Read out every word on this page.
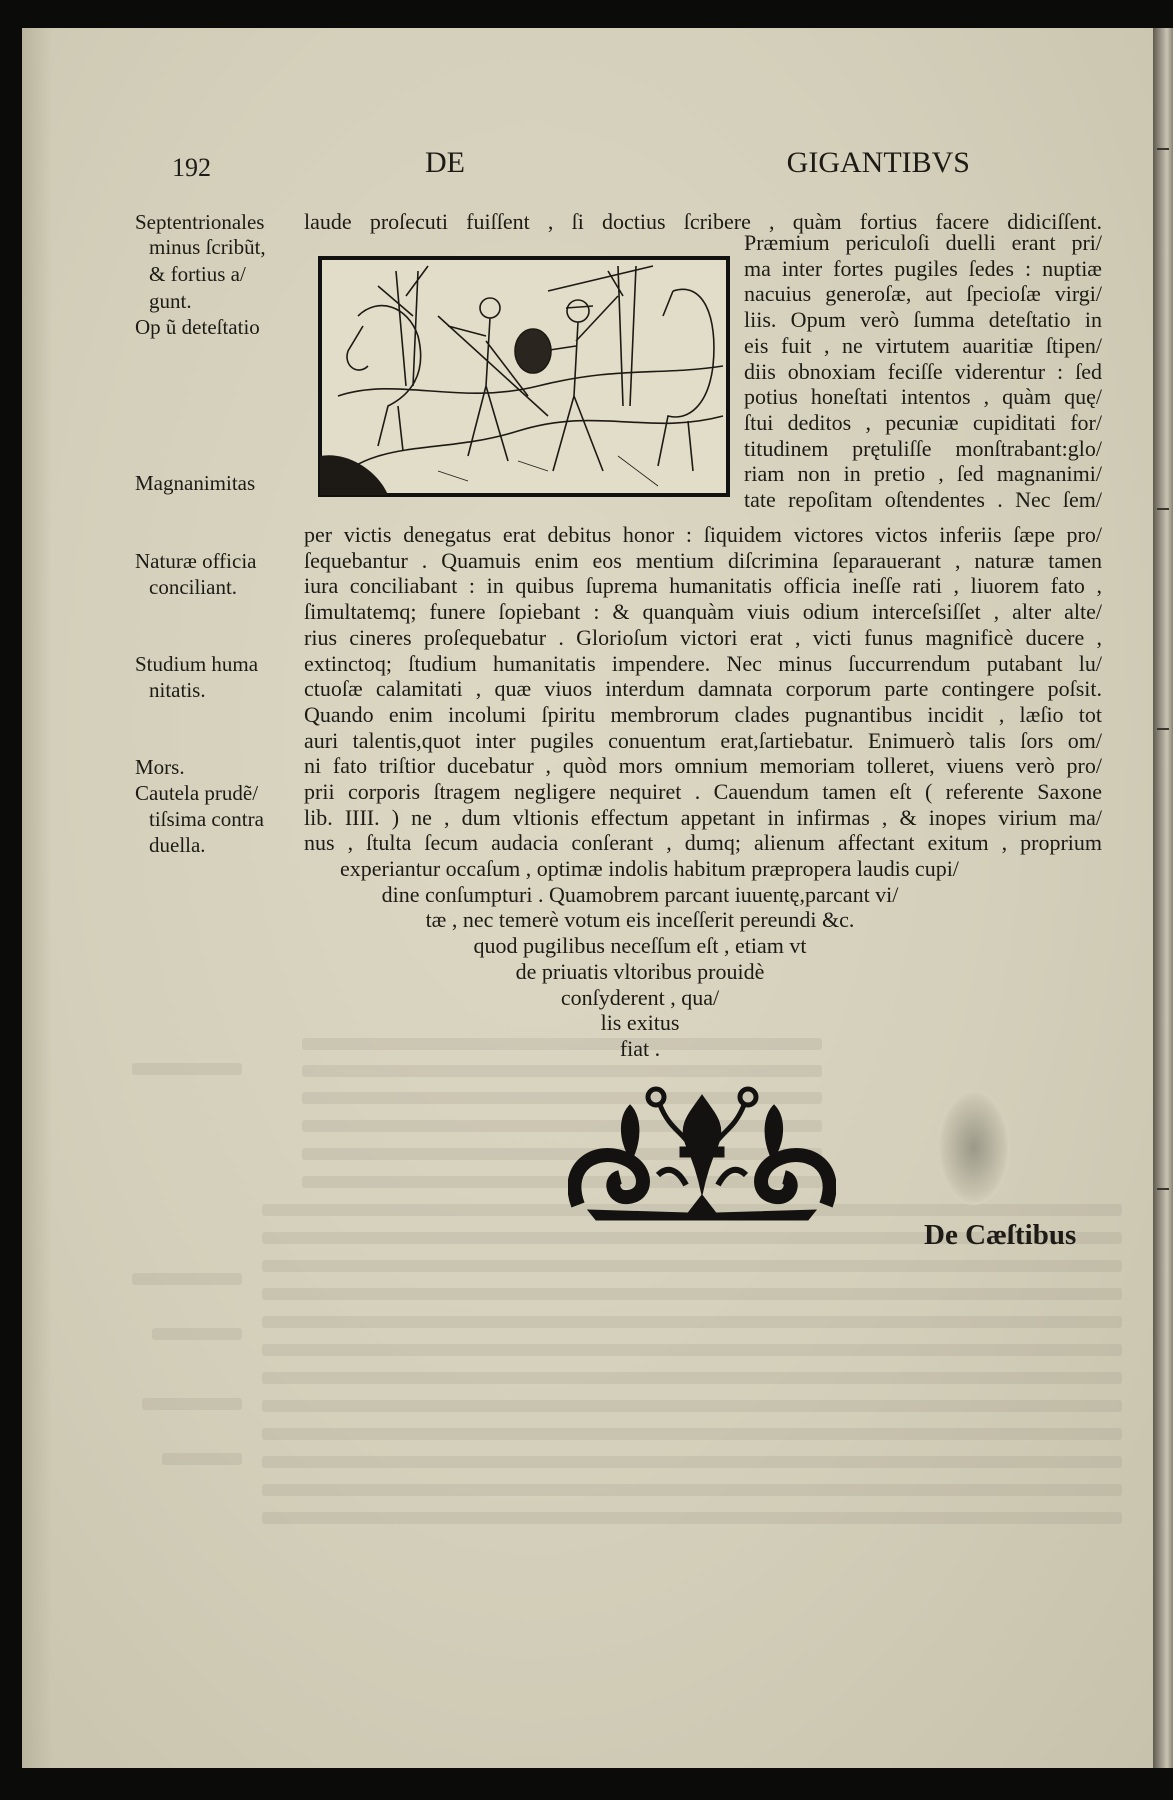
192	DE GIGANTIBVS
laude proſecuti fuiſſent , ſi doctius ſcribere , quàm fortius facere didiciſſent.
Præmium periculoſi duelli erant pri/
ma inter fortes pugiles ſedes : nuptiæ
nacuius generoſæ, aut ſpecioſæ virgi/
liis. Opum verò ſumma deteſtatio in
eis fuit , ne virtutem auaritiæ ſtipen/
diis obnoxiam feciſſe viderentur : ſed
potius honeſtati intentos , quàm quę/
ſtui deditos , pecuniæ cupiditati for/
titudinem prętuliſſe monſtrabant:glo/
riam non in pretio , ſed magnanimi/
tate repoſitam oſtendentes . Nec ſem/
per victis denegatus erat debitus honor : ſiquidem victores victos inferiis ſæpe pro/
ſequebantur . Quamuis enim eos mentium diſcrimina ſeparauerant , naturæ tamen
iura conciliabant : in quibus ſuprema humanitatis officia ineſſe rati , liuorem fato ,
ſimultatemq; funere ſopiebant : & quanquàm viuis odium interceſsiſſet , alter alte/
rius cineres proſequebatur . Glorioſum victori erat , victi funus magnificè ducere ,
extinctoq; ſtudium humanitatis impendere. Nec minus ſuccurrendum putabant lu/
ctuoſæ calamitati , quæ viuos interdum damnata corporum parte contingere poſsit.
Quando enim incolumi ſpiritu membrorum clades pugnantibus incidit , læſio tot
auri talentis,quot inter pugiles conuentum erat,ſartiebatur. Enimuerò talis ſors om/
ni fato triſtior ducebatur , quòd mors omnium memoriam tolleret, viuens verò pro/
prii corporis ſtragem negligere nequiret . Cauendum tamen eſt ( referente Saxone
lib. IIII. ) ne , dum vltionis effectum appetant in infirmas , & inopes virium ma/
nus , ſtulta ſecum audacia conſerant , dumq; alienum affectant exitum , proprium
experiantur occaſum , optimæ indolis habitum præpropera laudis cupi/
dine conſumpturi . Quamobrem parcant iuuentę,parcant vi/
tæ , nec temerè votum eis inceſſerit pereundi &c.
quod pugilibus neceſſum eſt , etiam vt
de priuatis vltoribus prouidè
conſyderent , qua/
lis exitus
fiat .
Septentrionales
minus ſcribũt,
& fortius a/
gunt.
Op ũ deteſtatio
Magnanimitas
Naturæ officia
conciliant.
Studium huma
nitatis.
Mors.
Cautela prudẽ/
tiſsima contra
duella.
De Cæſtibus
